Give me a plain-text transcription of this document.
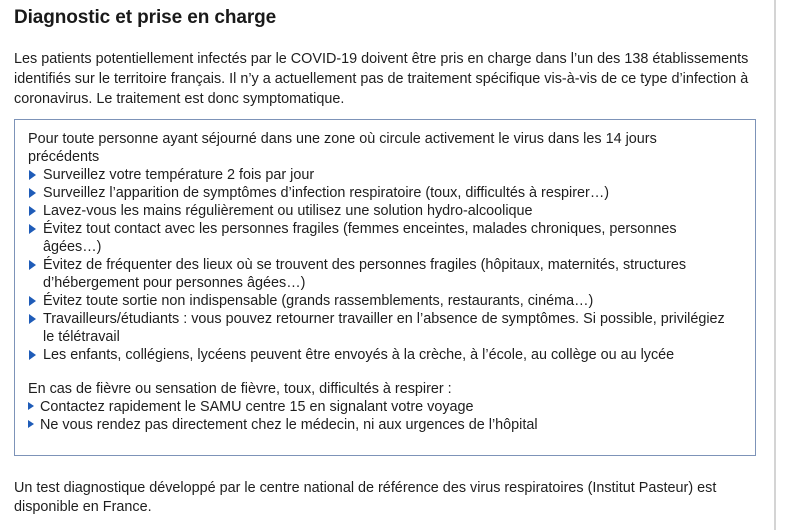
Diagnostic et prise en charge

Les patients potentiellement infectés par le COVID-19 doivent être pris en charge dans l’un des 138 établissements identifiés sur le territoire français. Il n’y a actuellement pas de traitement spécifique vis-à-vis de ce type d’infection à coronavirus. Le traitement est donc symptomatique.

Pour toute personne ayant séjourné dans une zone où circule activement le virus dans les 14 jours précédents

Surveillez votre température 2 fois par jour
Surveillez l’apparition de symptômes d’infection respiratoire (toux, difficultés à respirer…)
Lavez-vous les mains régulièrement ou utilisez une solution hydro-alcoolique
Évitez tout contact avec les personnes fragiles (femmes enceintes, malades chroniques, personnes âgées…)
Évitez de fréquenter des lieux où se trouvent des personnes fragiles (hôpitaux, maternités, structures d’hébergement pour personnes âgées…)
Évitez toute sortie non indispensable (grands rassemblements, restaurants, cinéma…)
Travailleurs/étudiants : vous pouvez retourner travailler en l’absence de symptômes. Si possible, privilégiez le télétravail
Les enfants, collégiens, lycéens peuvent être envoyés à la crèche, à l’école, au collège ou au lycée

En cas de fièvre ou sensation de fièvre, toux, difficultés à respirer :

Contactez rapidement le SAMU centre 15 en signalant votre voyage
Ne vous rendez pas directement chez le médecin, ni aux urgences de l’hôpital

Un test diagnostique développé par le centre national de référence des virus respiratoires (Institut Pasteur) est disponible en France.
